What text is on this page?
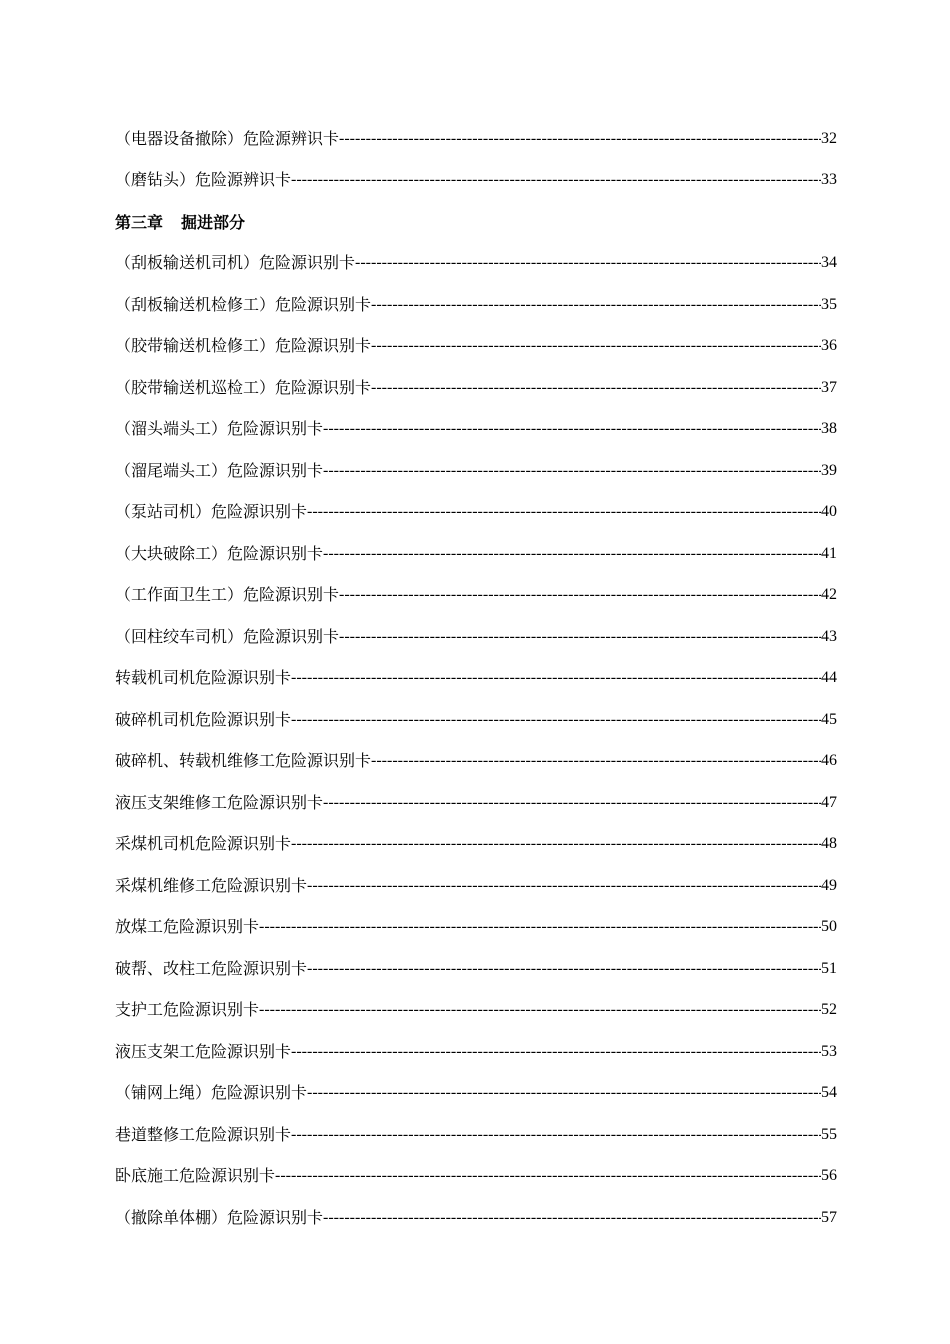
（电器设备撤除）危险源辨识卡 -----	32
（磨钻头）危险源辨识卡 -----	33
第三章 掘进部分
（刮板输送机司机）危险源识别卡 -----	34
（刮板输送机检修工）危险源识别卡 -----	35
（胶带输送机检修工）危险源识别卡 -----	36
（胶带输送机巡检工）危险源识别卡 -----	37
（溜头端头工）危险源识别卡 -----	38
（溜尾端头工）危险源识别卡 -----	39
（泵站司机）危险源识别卡 -----	40
（大块破除工）危险源识别卡 -----	41
（工作面卫生工）危险源识别卡 -----	42
（回柱绞车司机）危险源识别卡 -----	43
转载机司机危险源识别卡 -----	44
破碎机司机危险源识别卡 -----	45
破碎机、转载机维修工危险源识别卡 -----	46
液压支架维修工危险源识别卡 -----	47
采煤机司机危险源识别卡 -----	48
采煤机维修工危险源识别卡 -----	49
放煤工危险源识别卡 -----	50
破帮、改柱工危险源识别卡 -----	51
支护工危险源识别卡 -----	52
液压支架工危险源识别卡 -----	53
（铺网上绳）危险源识别卡 -----	54
巷道整修工危险源识别卡 -----	55
卧底施工危险源识别卡 -----	56
（撤除单体棚）危险源识别卡 -----	57
